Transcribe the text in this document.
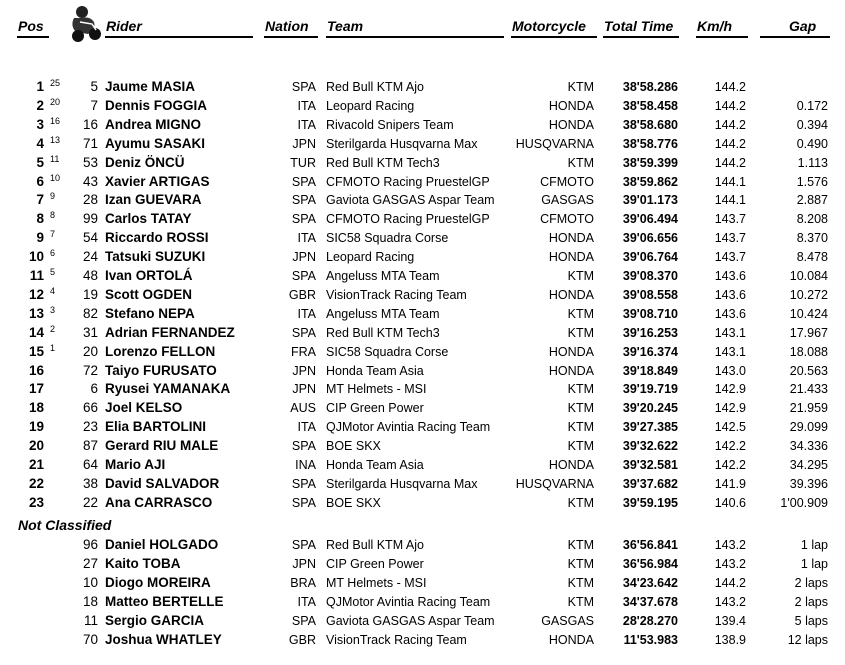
Pos	Rider	Nation Team	Motorcycle Total Time Km/h	Gap
1 25	5 Jaume MASIA	SPA Red Bull KTM Ajo	KTM	38'58.286	144.2
2 20	7 Dennis FOGGIA	ITA Leopard Racing	HONDA	38'58.458	144.2	0.172
3 16	16 Andrea MIGNO	ITA Rivacold Snipers Team	HONDA	38'58.680	144.2	0.394
4 13	71 Ayumu SASAKI	JPN Sterilgarda Husqvarna Max	HUSQVARNA	38'58.776	144.2	0.490
5 11	53 Deniz ÖNCÜ	TUR Red Bull KTM Tech3	KTM	38'59.399	144.2	1.113
6 10	43 Xavier ARTIGAS	SPA CFMOTO Racing PruestelGP	CFMOTO	38'59.862	144.1	1.576
7 9	28 Izan GUEVARA	SPA Gaviota GASGAS Aspar Team	GASGAS	39'01.173	144.1	2.887
8 8	99 Carlos TATAY	SPA CFMOTO Racing PruestelGP	CFMOTO	39'06.494	143.7	8.208
9 7	54 Riccardo ROSSI	ITA SIC58 Squadra Corse	HONDA	39'06.656	143.7	8.370
10 6	24 Tatsuki SUZUKI	JPN Leopard Racing	HONDA	39'06.764	143.7	8.478
11 5	48 Ivan ORTOLÁ	SPA Angeluss MTA Team	KTM	39'08.370	143.6	10.084
12 4	19 Scott OGDEN	GBR VisionTrack Racing Team	HONDA	39'08.558	143.6	10.272
13 3	82 Stefano NEPA	ITA Angeluss MTA Team	KTM	39'08.710	143.6	10.424
14 2	31 Adrian FERNANDEZ	SPA Red Bull KTM Tech3	KTM	39'16.253	143.1	17.967
15 1	20 Lorenzo FELLON	FRA SIC58 Squadra Corse	HONDA	39'16.374	143.1	18.088
16	72 Taiyo FURUSATO	JPN Honda Team Asia	HONDA	39'18.849	143.0	20.563
17	6 Ryusei YAMANAKA	JPN MT Helmets - MSI	KTM	39'19.719	142.9	21.433
18	66 Joel KELSO	AUS CIP Green Power	KTM	39'20.245	142.9	21.959
19	23 Elia BARTOLINI	ITA QJMotor Avintia Racing Team	KTM	39'27.385	142.5	29.099
20	87 Gerard RIU MALE	SPA BOE SKX	KTM	39'32.622	142.2	34.336
21	64 Mario AJI	INA Honda Team Asia	HONDA	39'32.581	142.2	34.295
22	38 David SALVADOR	SPA Sterilgarda Husqvarna Max	HUSQVARNA	39'37.682	141.9	39.396
23	22 Ana CARRASCO	SPA BOE SKX	KTM	39'59.195	140.6	1'00.909
Not Classified
96 Daniel HOLGADO	SPA Red Bull KTM Ajo	KTM	36'56.841	143.2	1 lap
27 Kaito TOBA	JPN CIP Green Power	KTM	36'56.984	143.2	1 lap
10 Diogo MOREIRA	BRA MT Helmets - MSI	KTM	34'23.642	144.2	2 laps
18 Matteo BERTELLE	ITA QJMotor Avintia Racing Team	KTM	34'37.678	143.2	2 laps
11 Sergio GARCIA	SPA Gaviota GASGAS Aspar Team	GASGAS	28'28.270	139.4	5 laps
70 Joshua WHATLEY	GBR VisionTrack Racing Team	HONDA	11'53.983	138.9	12 laps
